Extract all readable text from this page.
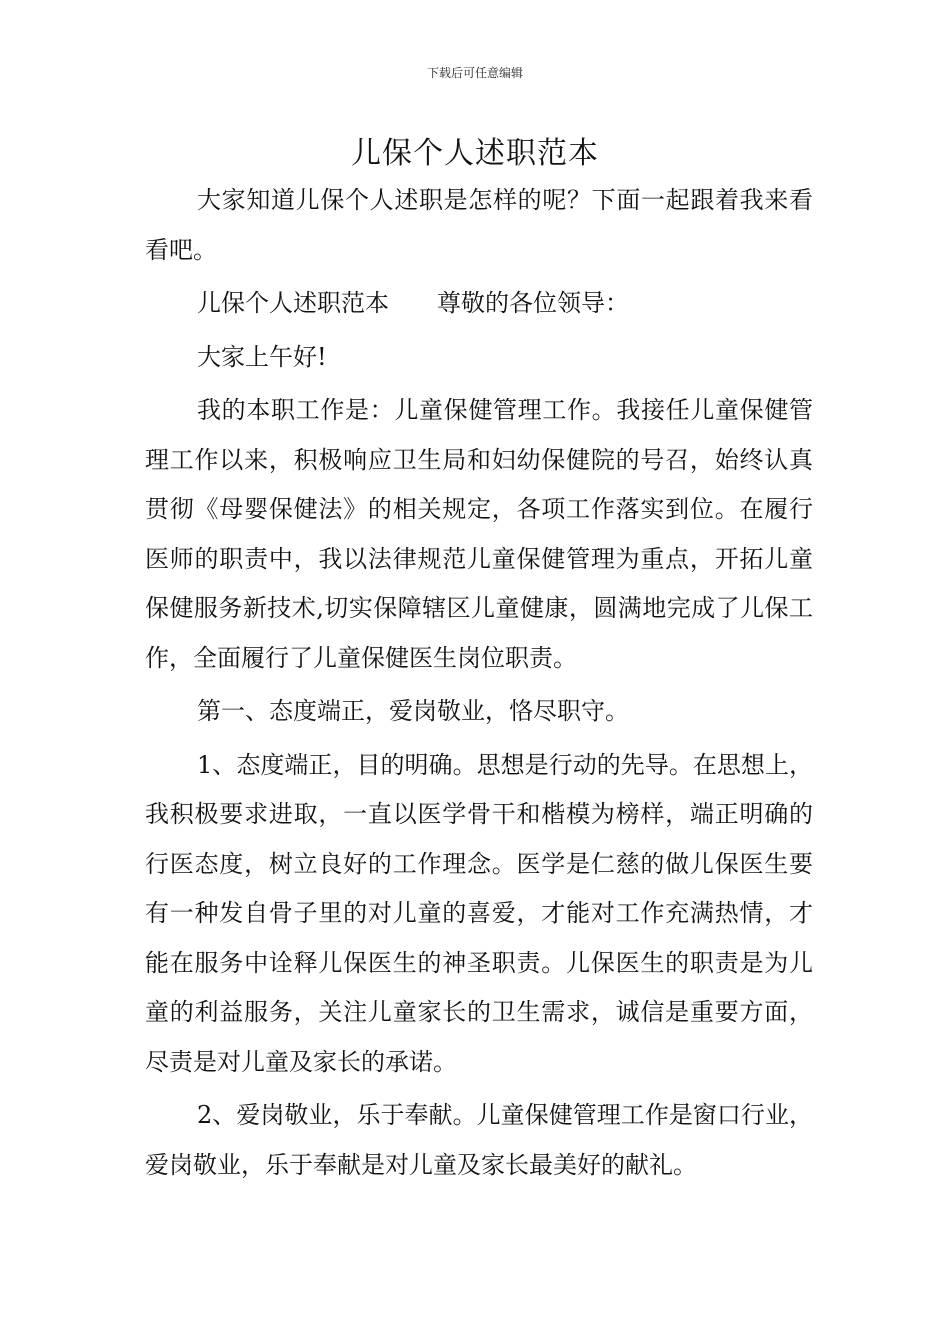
下载后可任意编辑
儿保个人述职范本

大家知道儿保个人述职是怎样的呢？下面一起跟着我来看看吧。

儿保个人述职范本　　尊敬的各位领导：

大家上午好!

我的本职工作是：儿童保健管理工作。我接任儿童保健管理工作以来，积极响应卫生局和妇幼保健院的号召，始终认真贯彻《母婴保健法》的相关规定，各项工作落实到位。在履行医师的职责中，我以法律规范儿童保健管理为重点，开拓儿童保健服务新技术,切实保障辖区儿童健康，圆满地完成了儿保工作，全面履行了儿童保健医生岗位职责。

第一、态度端正，爱岗敬业，恪尽职守。

1、态度端正，目的明确。思想是行动的先导。在思想上，我积极要求进取，一直以医学骨干和楷模为榜样，端正明确的行医态度，树立良好的工作理念。医学是仁慈的做儿保医生要有一种发自骨子里的对儿童的喜爱，才能对工作充满热情，才能在服务中诠释儿保医生的神圣职责。儿保医生的职责是为儿童的利益服务，关注儿童家长的卫生需求，诚信是重要方面，尽责是对儿童及家长的承诺。

2、爱岗敬业，乐于奉献。儿童保健管理工作是窗口行业，爱岗敬业，乐于奉献是对儿童及家长最美好的献礼。
